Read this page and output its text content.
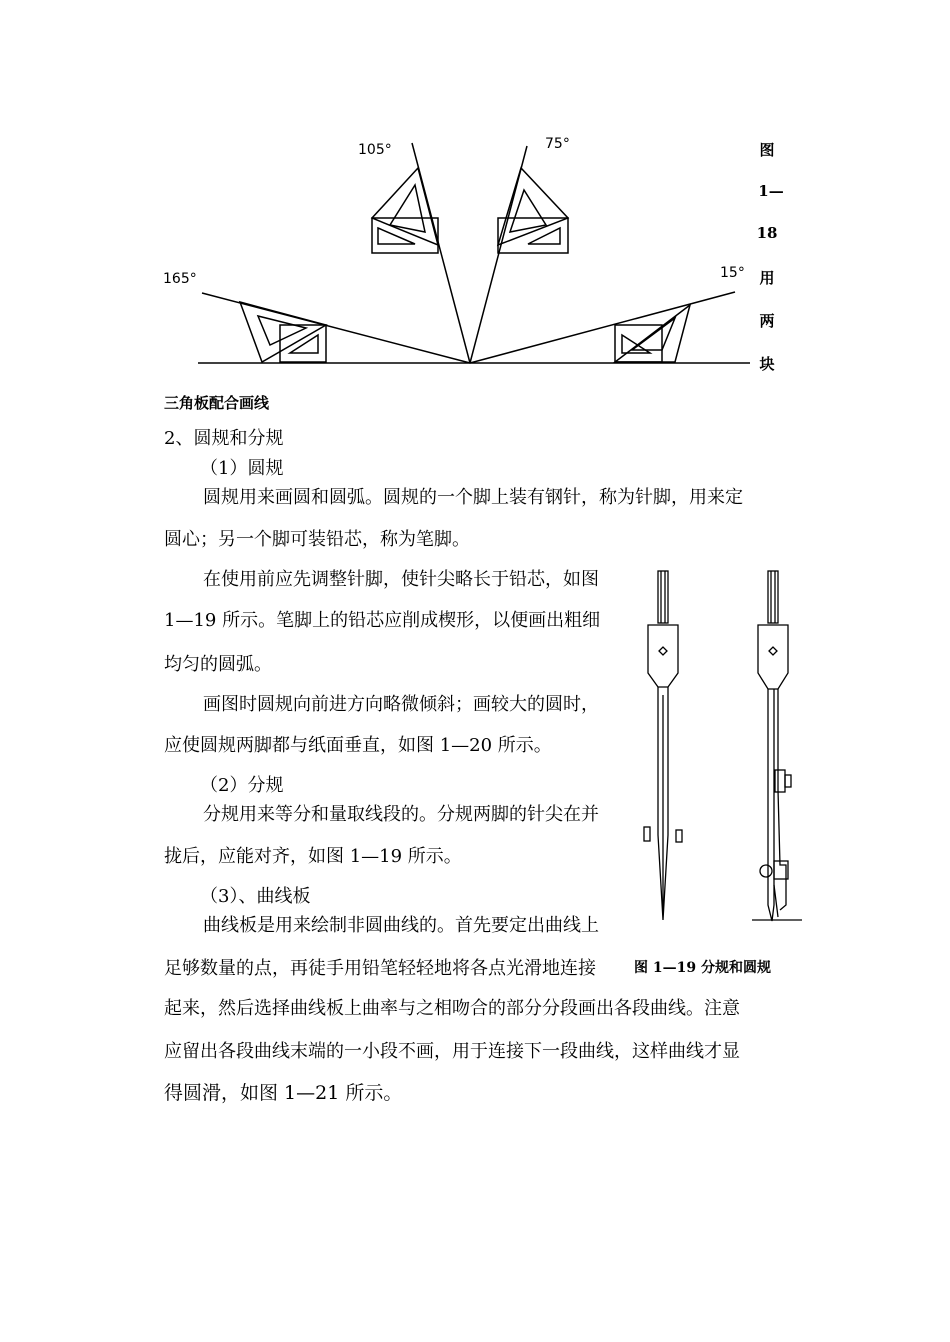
105°	75°
165°	15°
图
1—
18
用
两
块
三角板配合画线
2、圆规和分规
（1）圆规
圆规用来画圆和圆弧。圆规的一个脚上装有钢针，称为针脚，用来定
圆心；另一个脚可装铅芯，称为笔脚。
在使用前应先调整针脚，使针尖略长于铅芯，如图
1—19 所示。笔脚上的铅芯应削成楔形，以便画出粗细
均匀的圆弧。
画图时圆规向前进方向略微倾斜；画较大的圆时，
应使圆规两脚都与纸面垂直，如图 1—20 所示。
（2）分规
分规用来等分和量取线段的。分规两脚的针尖在并
拢后，应能对齐，如图 1—19 所示。
（3）、曲线板
曲线板是用来绘制非圆曲线的。首先要定出曲线上
足够数量的点，再徒手用铅笔轻轻地将各点光滑地连接
起来，然后选择曲线板上曲率与之相吻合的部分分段画出各段曲线。注意
应留出各段曲线末端的一小段不画，用于连接下一段曲线，这样曲线才显
得圆滑，如图 1—21 所示。
图 1—19 分规和圆规
